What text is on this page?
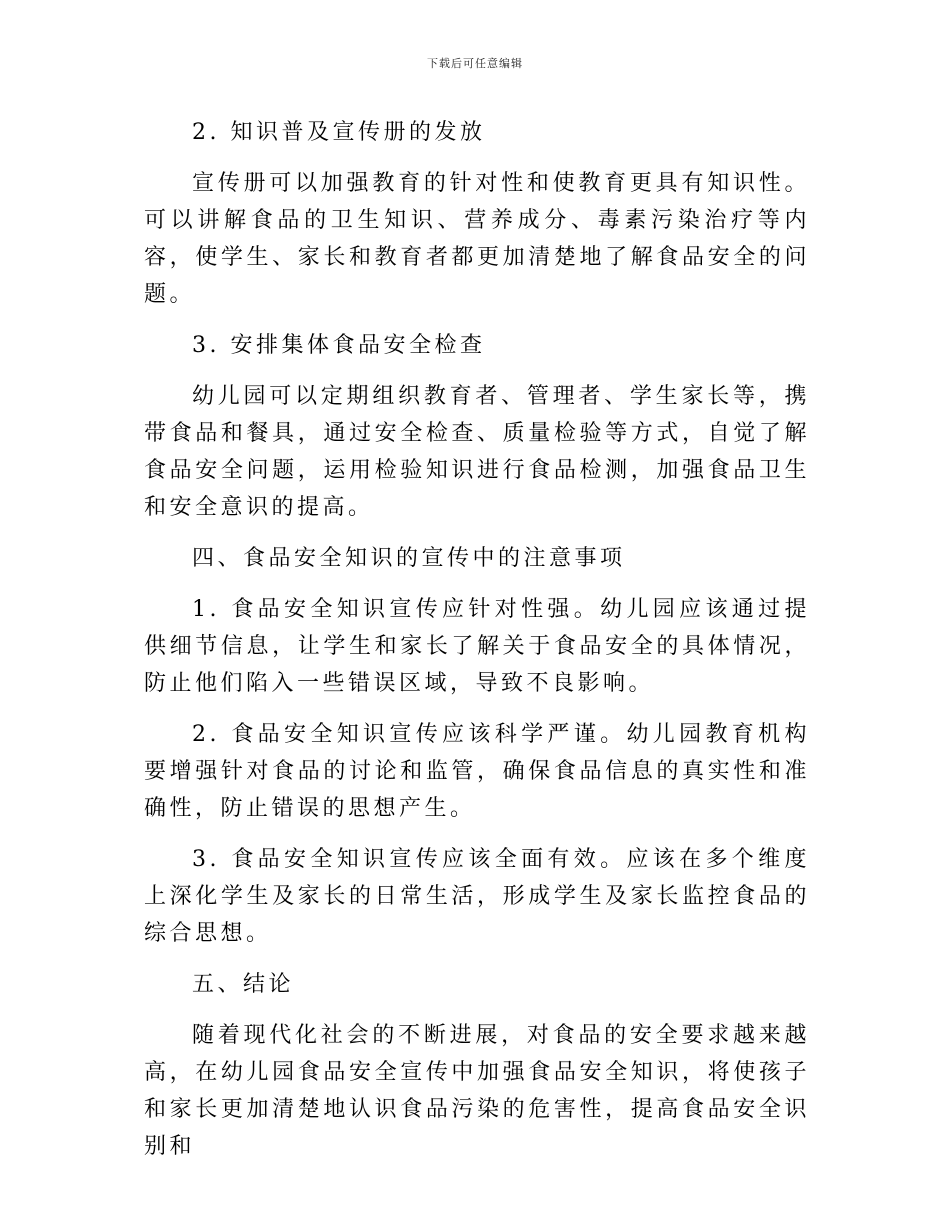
下载后可任意编辑
2. 知识普及宣传册的发放
宣传册可以加强教育的针对性和使教育更具有知识性。可以讲解食品的卫生知识、营养成分、毒素污染治疗等内容，使学生、家长和教育者都更加清楚地了解食品安全的问题。
3. 安排集体食品安全检查
幼儿园可以定期组织教育者、管理者、学生家长等，携带食品和餐具，通过安全检查、质量检验等方式，自觉了解食品安全问题，运用检验知识进行食品检测，加强食品卫生和安全意识的提高。
四、食品安全知识的宣传中的注意事项
1. 食品安全知识宣传应针对性强。幼儿园应该通过提供细节信息，让学生和家长了解关于食品安全的具体情况，防止他们陷入一些错误区域，导致不良影响。
2. 食品安全知识宣传应该科学严谨。幼儿园教育机构要增强针对食品的讨论和监管，确保食品信息的真实性和准确性，防止错误的思想产生。
3. 食品安全知识宣传应该全面有效。应该在多个维度上深化学生及家长的日常生活，形成学生及家长监控食品的综合思想。
五、结论
随着现代化社会的不断进展，对食品的安全要求越来越高，在幼儿园食品安全宣传中加强食品安全知识，将使孩子和家长更加清楚地认识食品污染的危害性，提高食品安全识别和
